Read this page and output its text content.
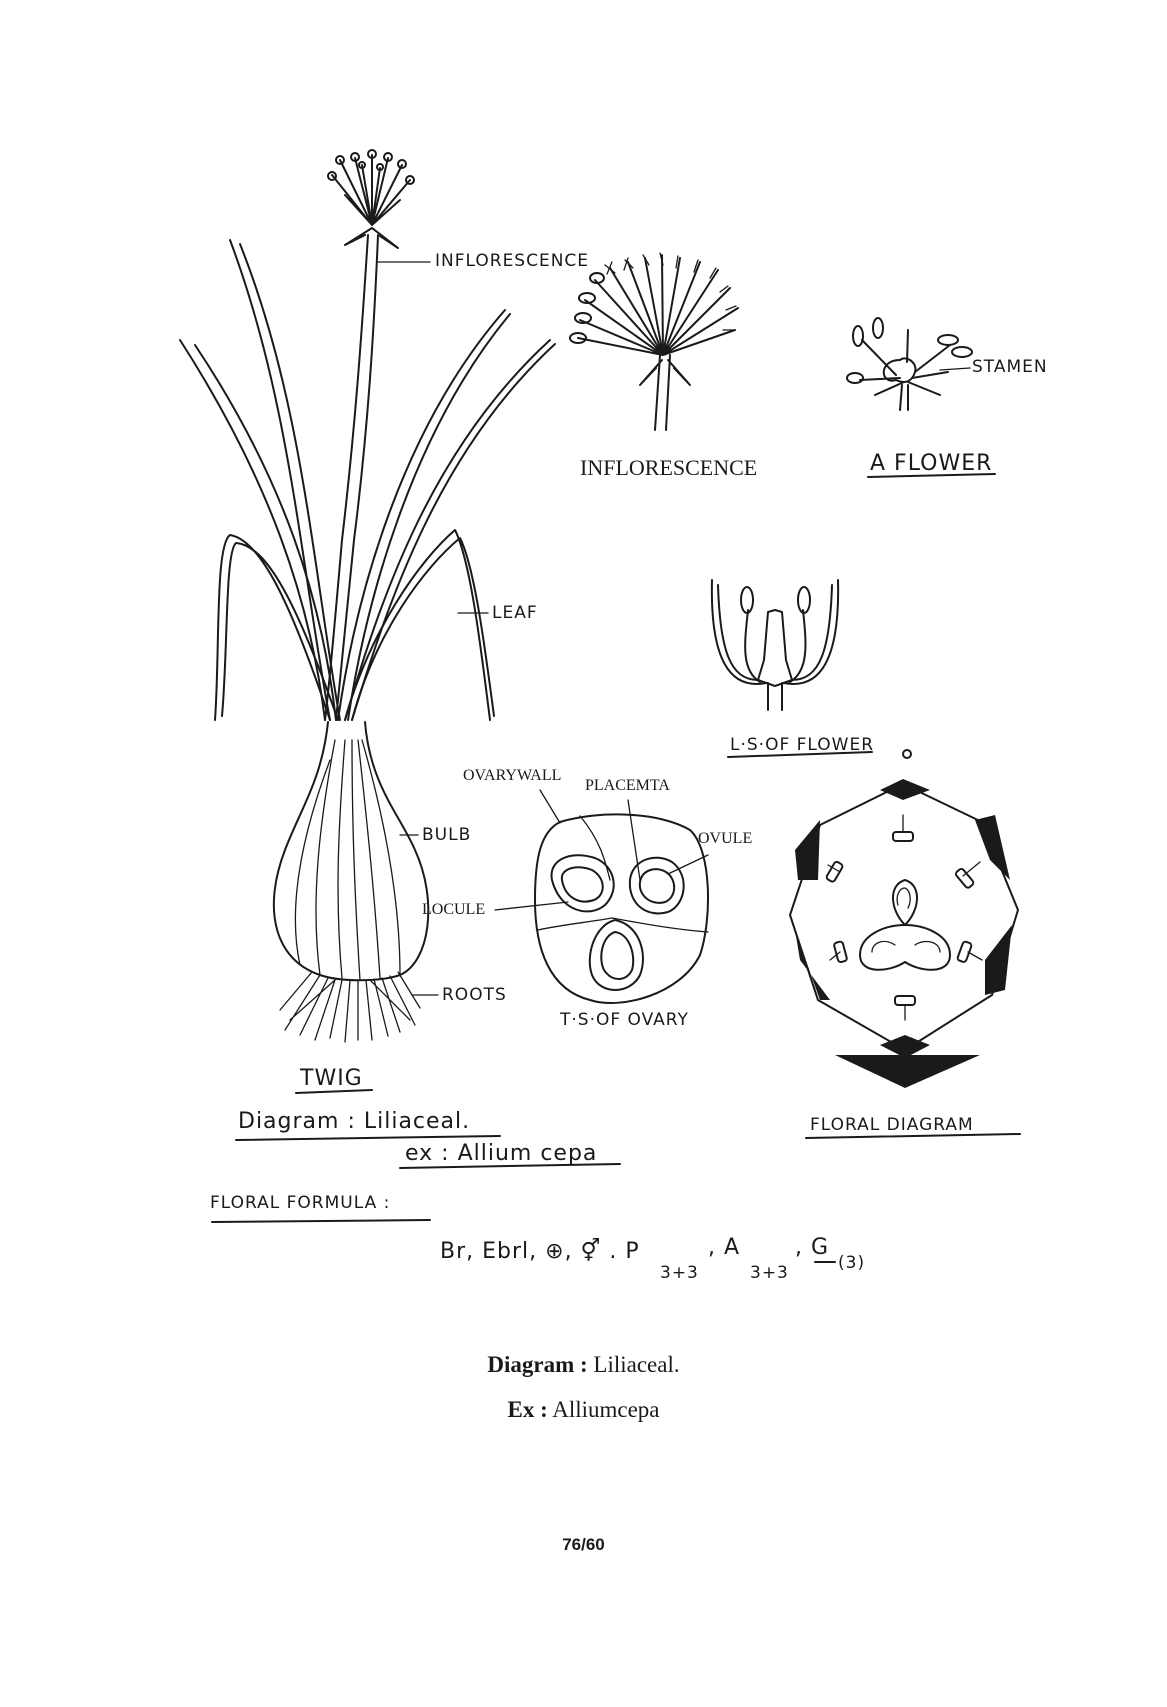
INFLORESCENCE
LEAF
BULB
ROOTS
TWIG
INFLORESCENCE
STAMEN
A FLOWER
L·S·OF FLOWER
OVARYWALL
PLACEMTA
OVULE
LOCULE
T·S·OF OVARY
FLORAL DIAGRAM
Diagram : Liliaceal.
ex : Allium cepa
FLORAL FORMULA :
Br, Ebrl, ⊕, ⚥ . P
3+3
, A
3+3
, G
(3)
Diagram : Liliaceal.
Ex : Alliumcepa
76/60
